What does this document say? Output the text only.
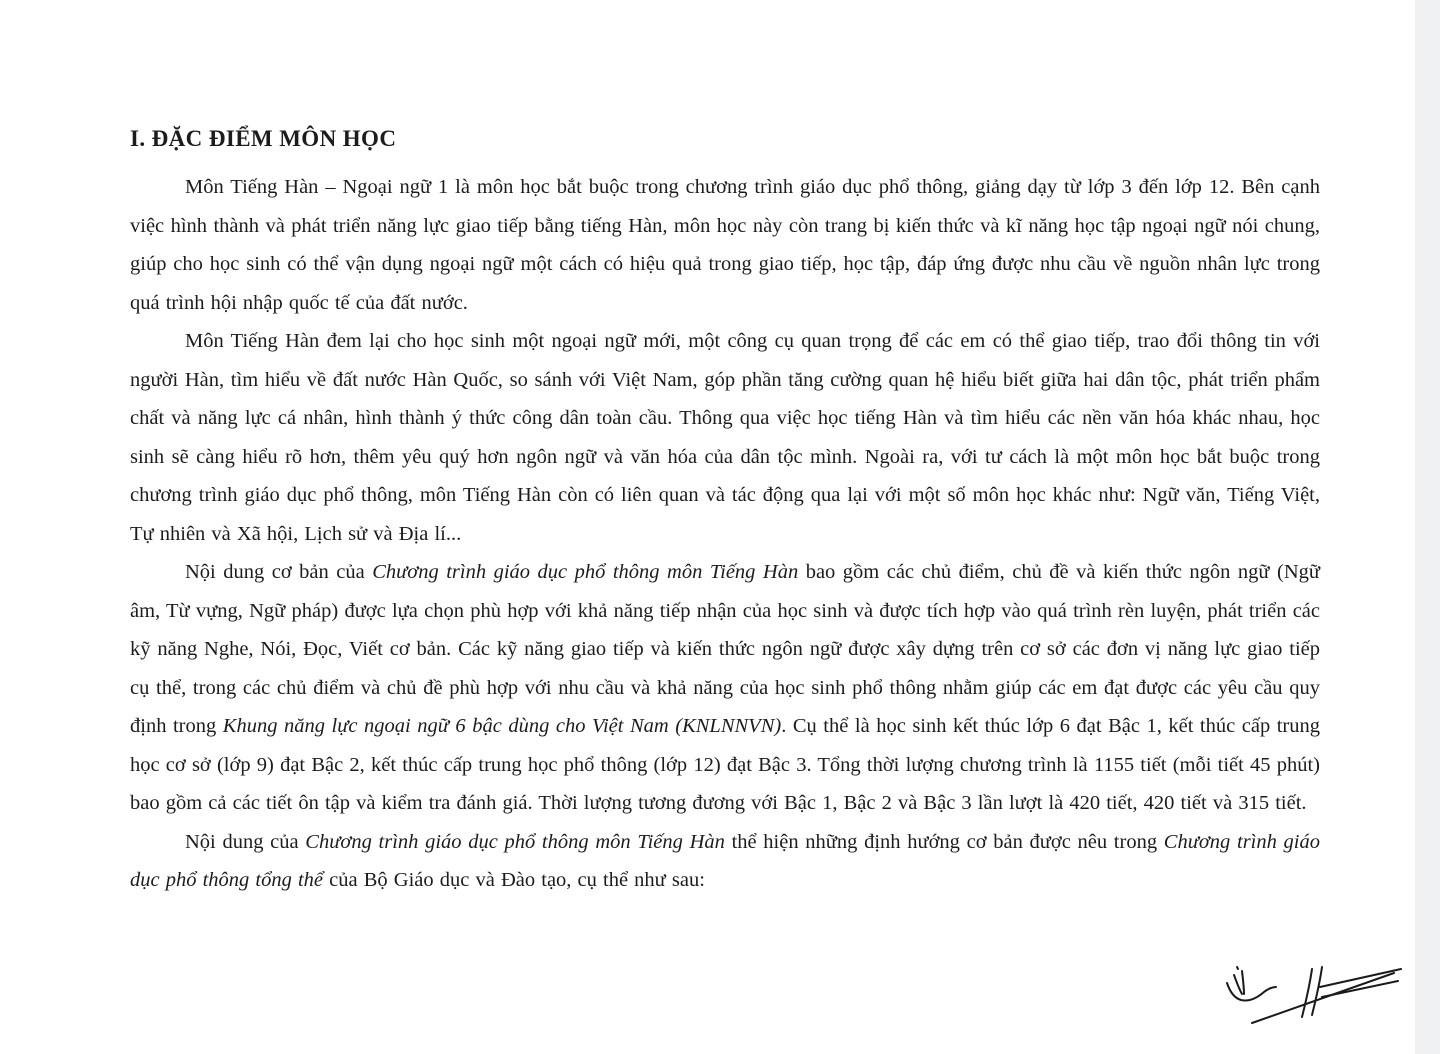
I. ĐẶC ĐIỂM MÔN HỌC

Môn Tiếng Hàn – Ngoại ngữ 1 là môn học bắt buộc trong chương trình giáo dục phổ thông, giảng dạy từ lớp 3 đến lớp 12. Bên cạnh việc hình thành và phát triển năng lực giao tiếp bằng tiếng Hàn, môn học này còn trang bị kiến thức và kĩ năng học tập ngoại ngữ nói chung, giúp cho học sinh có thể vận dụng ngoại ngữ một cách có hiệu quả trong giao tiếp, học tập, đáp ứng được nhu cầu về nguồn nhân lực trong quá trình hội nhập quốc tế của đất nước.

Môn Tiếng Hàn đem lại cho học sinh một ngoại ngữ mới, một công cụ quan trọng để các em có thể giao tiếp, trao đổi thông tin với người Hàn, tìm hiểu về đất nước Hàn Quốc, so sánh với Việt Nam, góp phần tăng cường quan hệ hiểu biết giữa hai dân tộc, phát triển phẩm chất và năng lực cá nhân, hình thành ý thức công dân toàn cầu. Thông qua việc học tiếng Hàn và tìm hiểu các nền văn hóa khác nhau, học sinh sẽ càng hiểu rõ hơn, thêm yêu quý hơn ngôn ngữ và văn hóa của dân tộc mình. Ngoài ra, với tư cách là một môn học bắt buộc trong chương trình giáo dục phổ thông, môn Tiếng Hàn còn có liên quan và tác động qua lại với một số môn học khác như: Ngữ văn, Tiếng Việt, Tự nhiên và Xã hội, Lịch sử và Địa lí...

Nội dung cơ bản của Chương trình giáo dục phổ thông môn Tiếng Hàn bao gồm các chủ điểm, chủ đề và kiến thức ngôn ngữ (Ngữ âm, Từ vựng, Ngữ pháp) được lựa chọn phù hợp với khả năng tiếp nhận của học sinh và được tích hợp vào quá trình rèn luyện, phát triển các kỹ năng Nghe, Nói, Đọc, Viết cơ bản. Các kỹ năng giao tiếp và kiến thức ngôn ngữ được xây dựng trên cơ sở các đơn vị năng lực giao tiếp cụ thể, trong các chủ điểm và chủ đề phù hợp với nhu cầu và khả năng của học sinh phổ thông nhằm giúp các em đạt được các yêu cầu quy định trong Khung năng lực ngoại ngữ 6 bậc dùng cho Việt Nam (KNLNNVN). Cụ thể là học sinh kết thúc lớp 6 đạt Bậc 1, kết thúc cấp trung học cơ sở (lớp 9) đạt Bậc 2, kết thúc cấp trung học phổ thông (lớp 12) đạt Bậc 3. Tổng thời lượng chương trình là 1155 tiết (mỗi tiết 45 phút) bao gồm cả các tiết ôn tập và kiểm tra đánh giá. Thời lượng tương đương với Bậc 1, Bậc 2 và Bậc 3 lần lượt là 420 tiết, 420 tiết và 315 tiết.

Nội dung của Chương trình giáo dục phổ thông môn Tiếng Hàn thể hiện những định hướng cơ bản được nêu trong Chương trình giáo dục phổ thông tổng thể của Bộ Giáo dục và Đào tạo, cụ thể như sau:
